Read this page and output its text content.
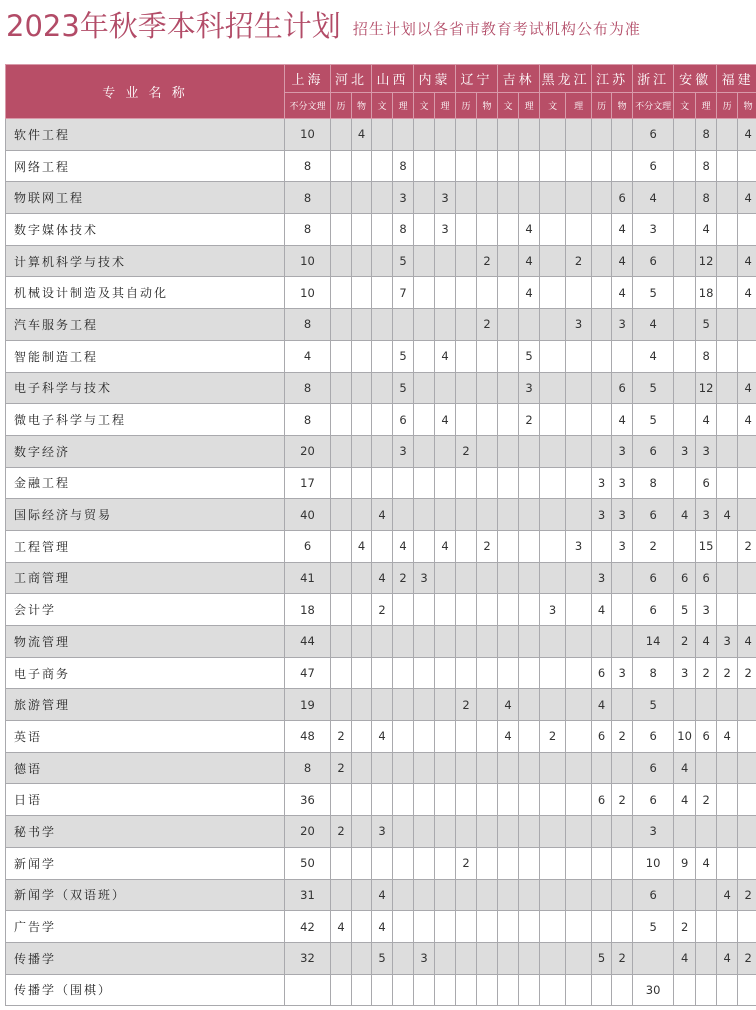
2023年秋季本科招生计划 招生计划以各省市教育考试机构公布为准
专 业 名 称	上海	河北		山西		内蒙		辽宁		吉林		黑龙江		江苏		浙江	安徽		福建	
	不分文理	历	物	文	理	文	理	历	物	文	理	文	理	历	物	不分文理	文	理	历	物
软件工程	10		4													6		8		4
网络工程	8				8											6		8		
物联网工程	8				3		3								6	4		8		4
数字媒体技术	8				8		3				4				4	3		4		
计算机科学与技术	10				5				2		4		2		4	6		12		4
机械设计制造及其自动化	10				7						4				4	5		18		4
汽车服务工程	8								2				3		3	4		5		
智能制造工程	4				5		4				5					4		8		
电子科学与技术	8				5						3				6	5		12		4
微电子科学与工程	8				6		4				2				4	5		4		4
数字经济	20				3			2							3	6	3	3		
金融工程	17													3	3	8		6		
国际经济与贸易	40			4										3	3	6	4	3	4	
工程管理	6		4		4		4		2				3		3	2		15		2
工商管理	41			4	2	3								3		6	6	6		
会计学	18			2								3		4		6	5	3		
物流管理	44															14	2	4	3	4
电子商务	47													6	3	8	3	2	2	2
旅游管理	19							2		4				4		5				
英语	48	2		4						4		2		6	2	6	10	6	4	
德语	8	2														6	4			
日语	36													6	2	6	4	2		
秘书学	20	2		3												3				
新闻学	50							2								10	9	4		
新闻学（双语班）	31			4												6			4	2
广告学	42	4		4												5	2			
传播学	32			5		3								5	2		4		4	2
传播学（围棋）																30				
